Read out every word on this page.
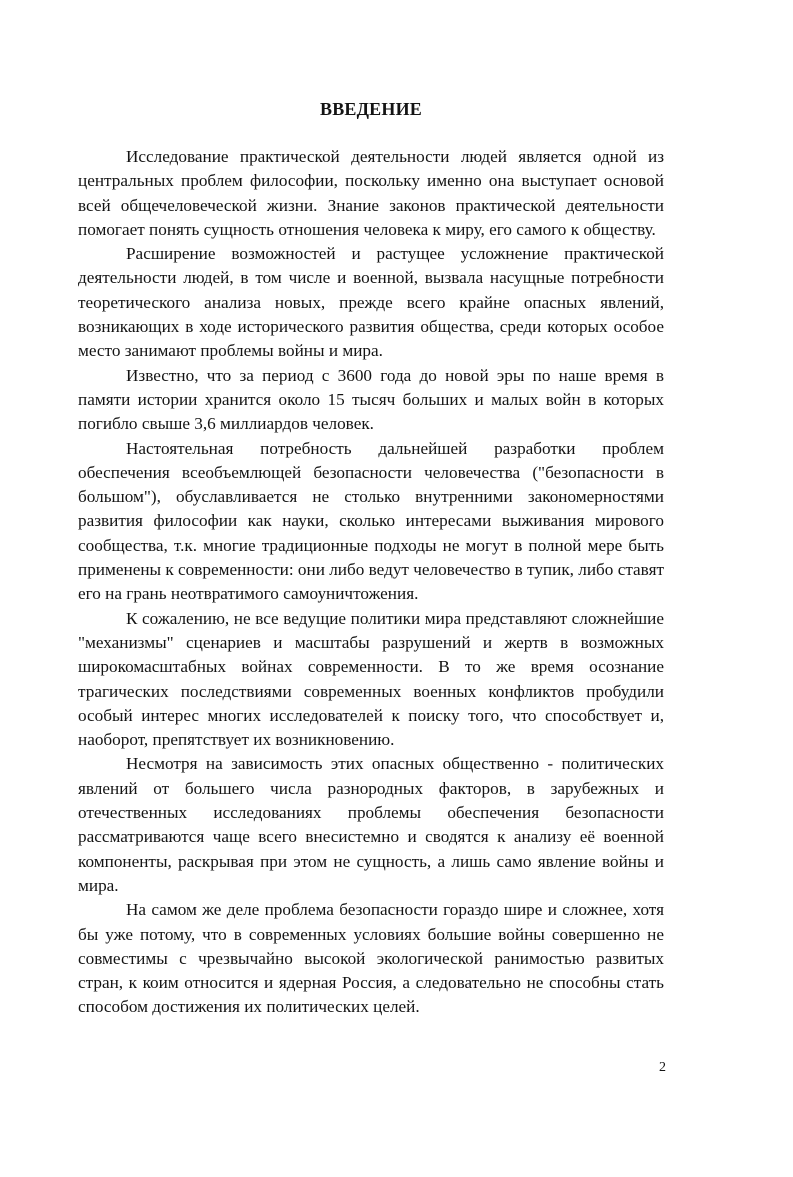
ВВЕДЕНИЕ

Исследование практической деятельности людей является одной из центральных проблем философии, поскольку именно она выступает основой всей общечеловеческой жизни. Знание законов практической деятельности помогает понять сущность отношения человека к миру, его самого к обществу.

Расширение возможностей и растущее усложнение практической деятельности людей, в том числе и военной, вызвала насущные потребности теоретического анализа новых, прежде всего крайне опасных явлений, возникающих в ходе исторического развития общества, среди которых особое место занимают проблемы войны и мира.

Известно, что за период с 3600 года до новой эры по наше время в памяти истории хранится около 15 тысяч больших и малых войн в которых погибло свыше 3,6 миллиардов человек.

Настоятельная потребность дальнейшей разработки проблем обеспечения всеобъемлющей безопасности человечества ("безопасности в большом"), обуславливается не столько внутренними закономерностями развития философии как науки, сколько интересами выживания мирового сообщества, т.к. многие традиционные подходы не могут в полной мере быть применены к современности: они либо ведут человечество в тупик, либо ставят его на грань неотвратимого самоуничтожения.

К сожалению, не все ведущие политики мира представляют сложнейшие "механизмы" сценариев и масштабы разрушений и жертв в возможных широкомасштабных войнах современности. В то же время осознание трагических последствиями современных военных конфликтов пробудили особый интерес многих исследователей к поиску того, что способствует и, наоборот, препятствует их возникновению.

Несмотря на зависимость этих опасных общественно - политических явлений от большего числа разнородных факторов, в зарубежных и отечественных исследованиях проблемы обеспечения безопасности рассматриваются чаще всего внесистемно и сводятся к анализу её военной компоненты, раскрывая при этом не сущность, а лишь само явление войны и мира.

На самом же деле проблема безопасности гораздо шире и сложнее, хотя бы уже потому, что в современных условиях большие войны совершенно не совместимы с чрезвычайно высокой экологической ранимостью развитых стран, к коим относится и ядерная Россия, а следовательно не способны стать способом достижения их политических целей.

2
